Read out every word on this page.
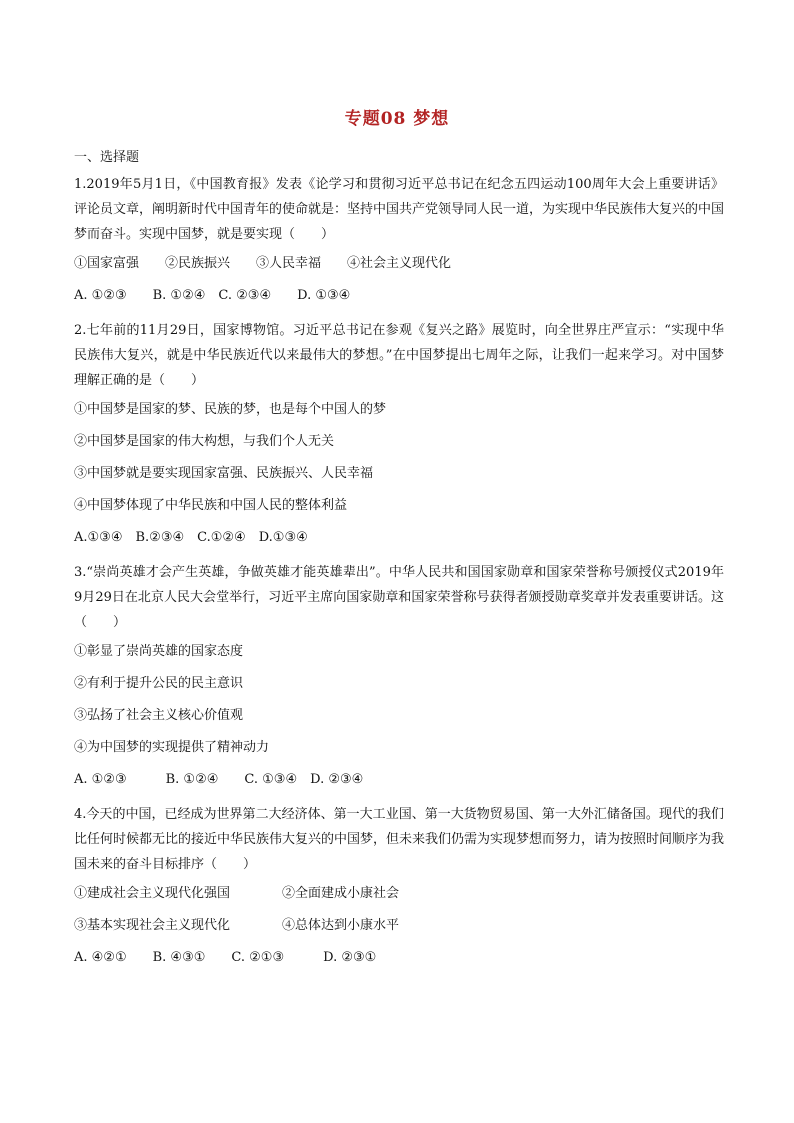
专题08 梦想
一、选择题
1.2019年5月1日，《中国教育报》发表《论学习和贯彻习近平总书记在纪念五四运动100周年大会上重要讲话》评论员文章，阐明新时代中国青年的使命就是：坚持中国共产党领导同人民一道，为实现中华民族伟大复兴的中国梦而奋斗。实现中国梦，就是要实现（　　）
①国家富强　　②民族振兴　　③人民幸福　　④社会主义现代化
A. ①②③　　B. ①②④　C. ②③④　　D. ①③④
2.七年前的11月29日，国家博物馆。习近平总书记在参观《复兴之路》展览时，向全世界庄严宣示：“实现中华民族伟大复兴，就是中华民族近代以来最伟大的梦想。”在中国梦提出七周年之际，让我们一起来学习。对中国梦理解正确的是（　　）
①中国梦是国家的梦、民族的梦，也是每个中国人的梦
②中国梦是国家的伟大构想，与我们个人无关
③中国梦就是要实现国家富强、民族振兴、人民幸福
④中国梦体现了中华民族和中国人民的整体利益
A.①③④　B.②③④　C.①②④　D.①③④
3.“崇尚英雄才会产生英雄，争做英雄才能英雄辈出”。中华人民共和国国家勋章和国家荣誉称号颁授仪式2019年9月29日在北京人民大会堂举行，习近平主席向国家勋章和国家荣誉称号获得者颁授勋章奖章并发表重要讲话。这（　　）
①彰显了崇尚英雄的国家态度
②有利于提升公民的民主意识
③弘扬了社会主义核心价值观
④为中国梦的实现提供了精神动力
A. ①②③　　　B. ①②④　　C. ①③④　D. ②③④
4.今天的中国，已经成为世界第二大经济体、第一大工业国、第一大货物贸易国、第一大外汇储备国。现代的我们比任何时候都无比的接近中华民族伟大复兴的中国梦，但未来我们仍需为实现梦想而努力，请为按照时间顺序为我国未来的奋斗目标排序（　　）
①建成社会主义现代化强国　　　　②全面建成小康社会
③基本实现社会主义现代化　　　　④总体达到小康水平
A. ④②①　　B. ④③①　　C. ②①③　　　D. ②③①
